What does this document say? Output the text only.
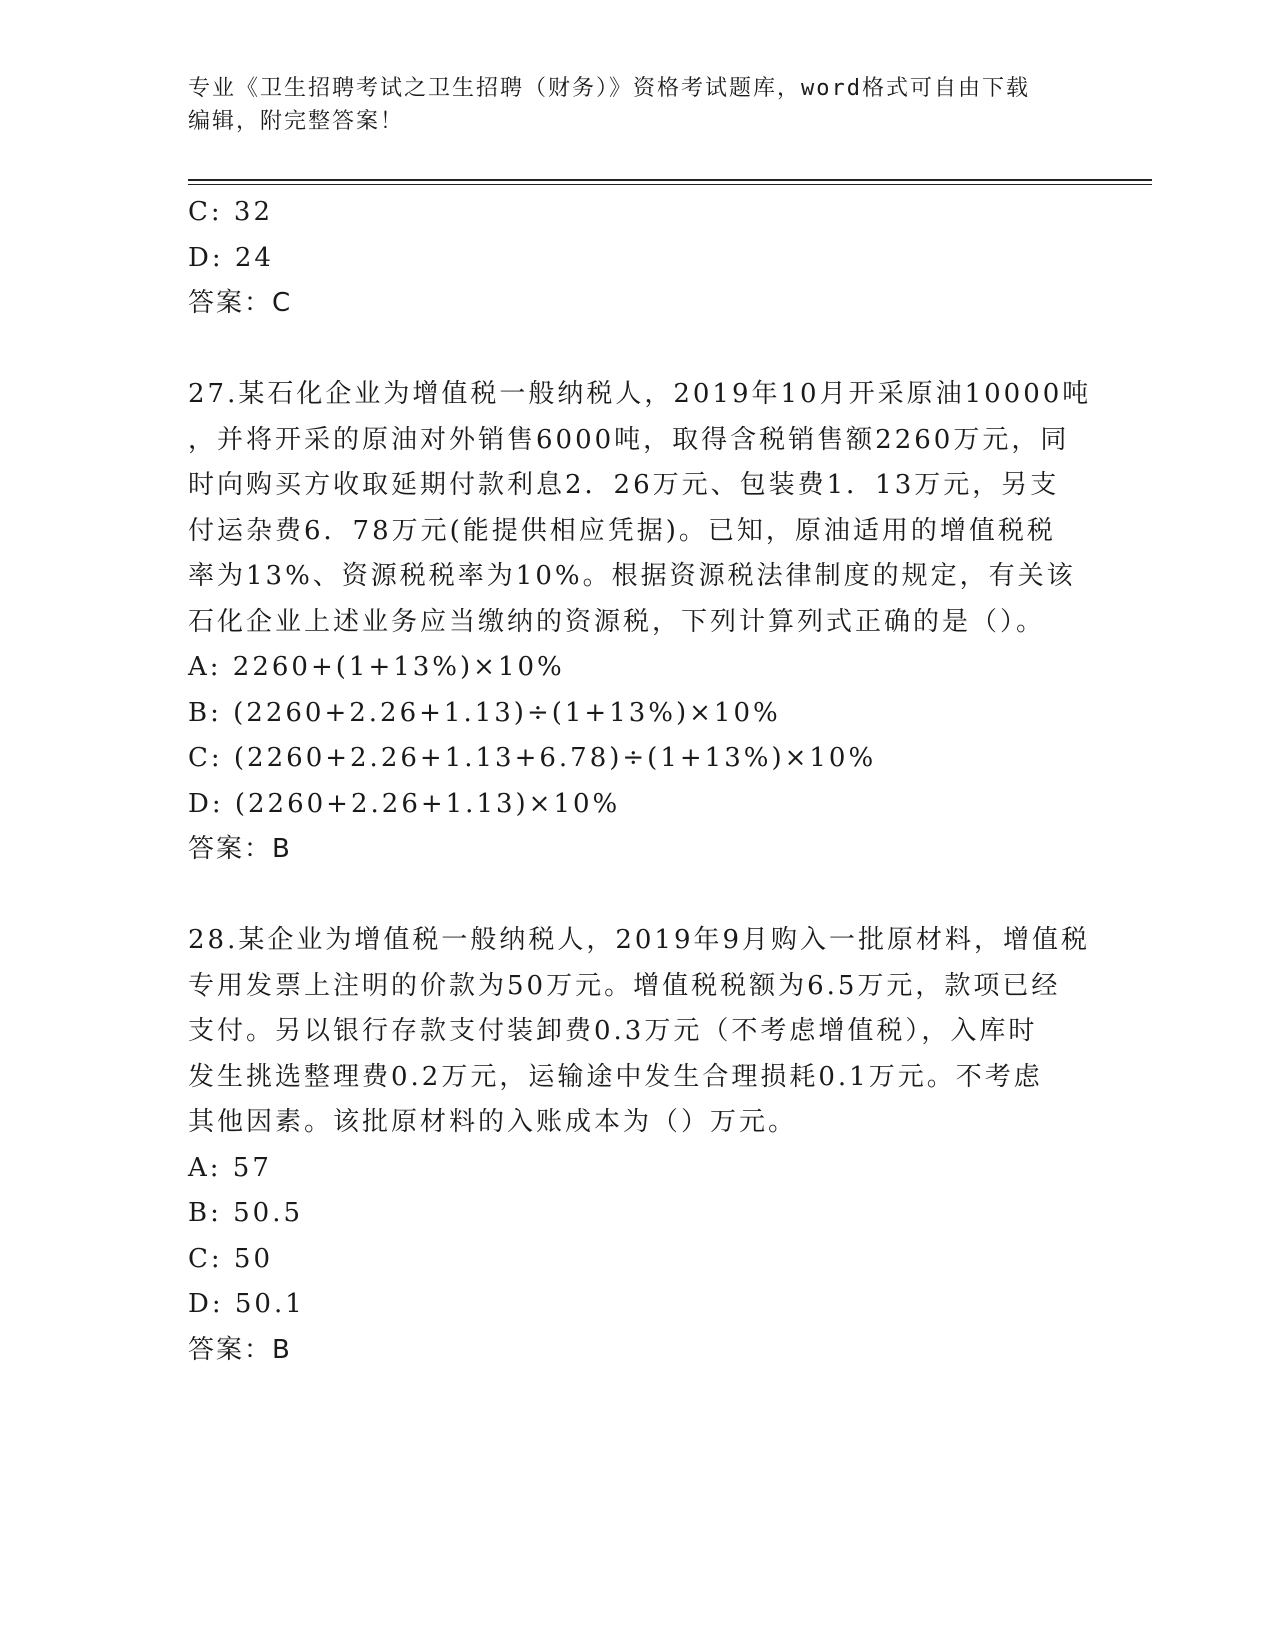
专业《卫生招聘考试之卫生招聘（财务）》资格考试题库，word格式可自由下载
编辑，附完整答案！
C: 32
D: 24
答案：C
27.某石化企业为增值税一般纳税人，2019年10月开采原油10000吨
，并将开采的原油对外销售6000吨，取得含税销售额2260万元，同
时向购买方收取延期付款利息2．26万元、包装费1．13万元，另支
付运杂费6．78万元(能提供相应凭据)。已知，原油适用的增值税税
率为13%、资源税税率为10%。根据资源税法律制度的规定，有关该
石化企业上述业务应当缴纳的资源税，下列计算列式正确的是（）。
A: 2260+(1+13%)×10%
B: (2260+2.26+1.13)÷(1+13%)×10%
C: (2260+2.26+1.13+6.78)÷(1+13%)×10%
D: (2260+2.26+1.13)×10%
答案：B
28.某企业为增值税一般纳税人，2019年9月购入一批原材料，增值税
专用发票上注明的价款为50万元。增值税税额为6.5万元，款项已经
支付。另以银行存款支付装卸费0.3万元（不考虑增值税），入库时
发生挑选整理费0.2万元，运输途中发生合理损耗0.1万元。不考虑
其他因素。该批原材料的入账成本为（）万元。
A: 57
B: 50.5
C: 50
D: 50.1
答案：B
